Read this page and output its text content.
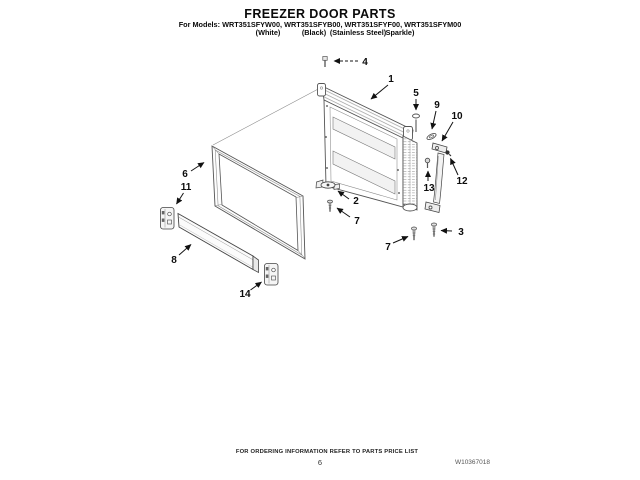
FREEZER DOOR PARTS
For Models: WRT351SFYW00, WRT351SFYB00, WRT351SFYF00, WRT351SFYM00
(White)	(Black) (Stainless Steel) Sparkle)
1
2
3
4
5
6
7
7
8
9
10
11
12
13
14
FOR ORDERING INFORMATION REFER TO PARTS PRICE LIST
6	W10367018
